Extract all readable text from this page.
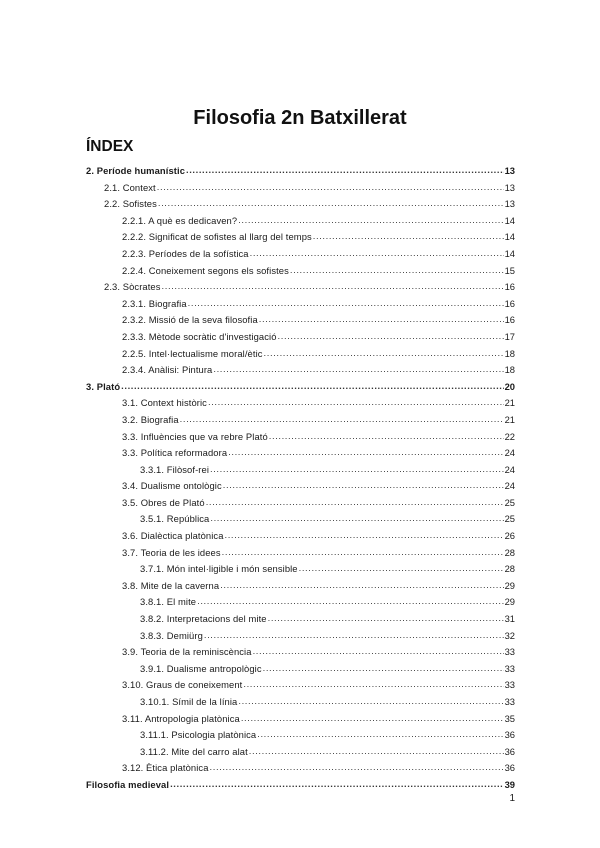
Filosofia 2n Batxillerat
ÍNDEX
2. Període humanístic .....	13
2.1. Context .....	13
2.2. Sofistes .....	13
2.2.1. A què es dedicaven? .....	14
2.2.2. Significat de sofistes al llarg del temps .....	14
2.2.3. Períodes de la sofística .....	14
2.2.4. Coneixement segons els sofistes .....	15
2.3. Sòcrates .....	16
2.3.1. Biografia .....	16
2.3.2. Missió de la seva filosofia .....	16
2.3.3. Mètode socràtic d'investigació .....	17
2.2.5. Intel·lectualisme moral/ètic .....	18
2.3.4. Anàlisi: Pintura .....	18
3. Plató .....	20
3.1. Context històric .....	21
3.2. Biografia .....	21
3.3. Influències que va rebre Plató .....	22
3.3. Política reformadora .....	24
3.3.1. Filòsof-rei .....	24
3.4. Dualisme ontològic .....	24
3.5. Obres de Plató .....	25
3.5.1. República .....	25
3.6. Dialèctica platònica .....	26
3.7. Teoria de les idees .....	28
3.7.1. Món intel·ligible i món sensible .....	28
3.8. Mite de la caverna .....	29
3.8.1. El mite .....	29
3.8.2. Interpretacions del mite .....	31
3.8.3. Demiürg .....	32
3.9. Teoria de la reminiscència .....	33
3.9.1. Dualisme antropològic .....	33
3.10. Graus de coneixement .....	33
3.10.1. Símil de la línia .....	33
3.11. Antropologia platònica .....	35
3.11.1. Psicologia platònica .....	36
3.11.2. Mite del carro alat .....	36
3.12. Ètica platònica .....	36
Filosofia medieval .....	39
1
